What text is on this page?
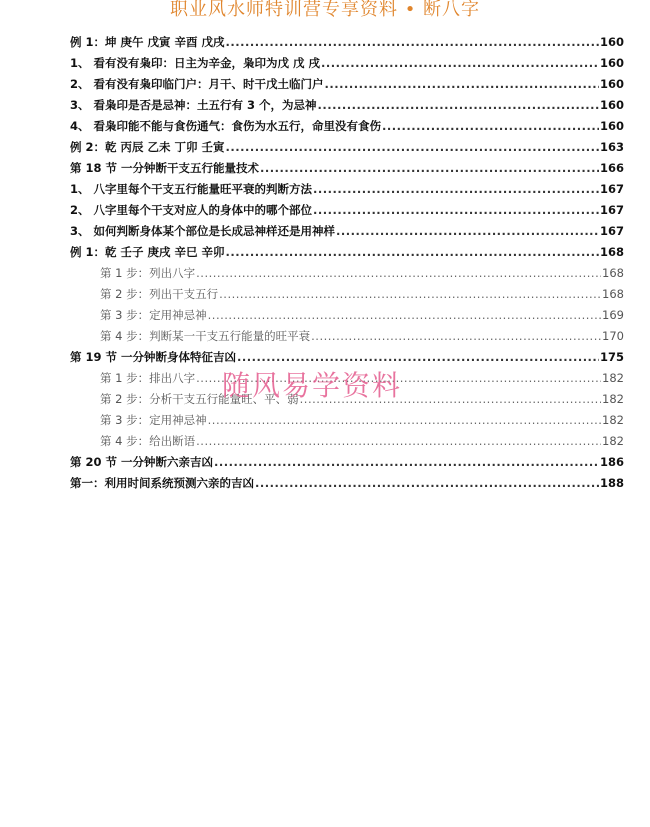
职业风水师特训营专享资料 • 断八字
例 1：坤 庚午 戊寅 辛酉 戊戌 .....	160
1、 看有没有枭印：日主为辛金，枭印为戊 戊 戌 .....	160
2、 看有没有枭印临门户：月干、时干戊土临门户 .....	160
3、 看枭印是否是忌神：土五行有 3 个，为忌神 .....	160
4、 看枭印能不能与食伤通气：食伤为水五行，命里没有食伤 .....	160
例 2：乾 丙辰 乙未 丁卯 壬寅 .....	163
第 18 节 一分钟断干支五行能量技术 .....	166
1、 八字里每个干支五行能量旺平衰的判断方法 .....	167
2、 八字里每个干支对应人的身体中的哪个部位 .....	167
3、 如何判断身体某个部位是长成忌神样还是用神样 .....	167
例 1：乾 壬子 庚戌 辛巳 辛卯 .....	168
第 1 步：列出八字 .....	168
第 2 步：列出干支五行 .....	168
第 3 步：定用神忌神 .....	169
第 4 步：判断某一干支五行能量的旺平衰 .....	170
第 19 节 一分钟断身体特征吉凶 .....	175
第 1 步：排出八字 .....	182
第 2 步：分析干支五行能量旺、平、弱 .....	182
第 3 步：定用神忌神 .....	182
第 4 步：给出断语 .....	182
第 20 节 一分钟断六亲吉凶 .....	186
第一：利用时间系统预测六亲的吉凶 .....	188
随风易学资料
